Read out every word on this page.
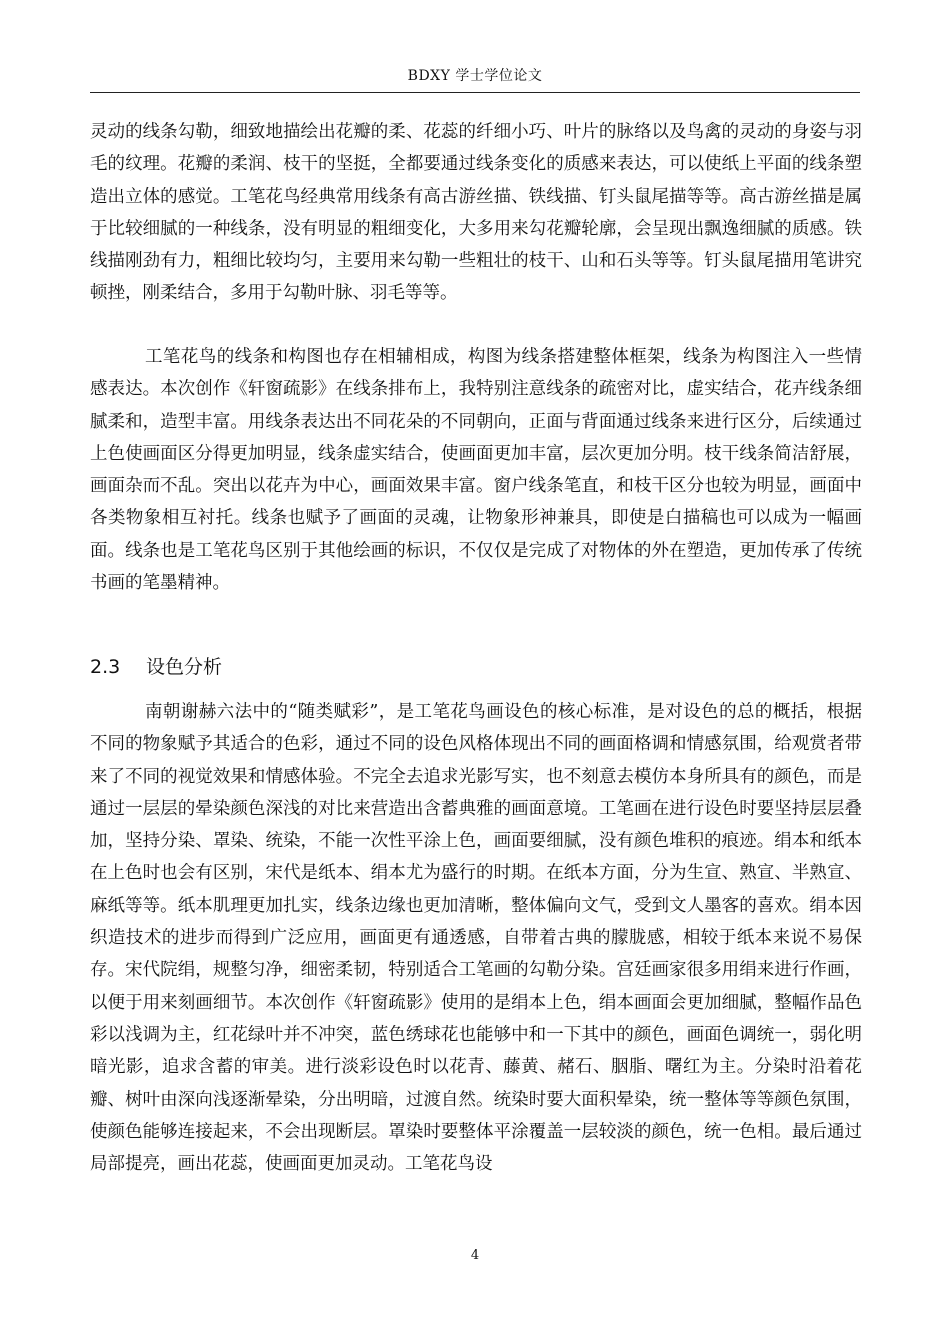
BDXY 学士学位论文

灵动的线条勾勒，细致地描绘出花瓣的柔、花蕊的纤细小巧、叶片的脉络以及鸟禽的灵动的身姿与羽毛的纹理。花瓣的柔润、枝干的坚挺，全都要通过线条变化的质感来表达，可以使纸上平面的线条塑造出立体的感觉。工笔花鸟经典常用线条有高古游丝描、铁线描、钉头鼠尾描等等。高古游丝描是属于比较细腻的一种线条，没有明显的粗细变化，大多用来勾花瓣轮廓，会呈现出飘逸细腻的质感。铁线描刚劲有力，粗细比较均匀，主要用来勾勒一些粗壮的枝干、山和石头等等。钉头鼠尾描用笔讲究顿挫，刚柔结合，多用于勾勒叶脉、羽毛等等。

工笔花鸟的线条和构图也存在相辅相成，构图为线条搭建整体框架，线条为构图注入一些情感表达。本次创作《轩窗疏影》在线条排布上，我特别注意线条的疏密对比，虚实结合，花卉线条细腻柔和，造型丰富。用线条表达出不同花朵的不同朝向，正面与背面通过线条来进行区分，后续通过上色使画面区分得更加明显，线条虚实结合，使画面更加丰富，层次更加分明。枝干线条简洁舒展，画面杂而不乱。突出以花卉为中心，画面效果丰富。窗户线条笔直，和枝干区分也较为明显，画面中各类物象相互衬托。线条也赋予了画面的灵魂，让物象形神兼具，即使是白描稿也可以成为一幅画面。线条也是工笔花鸟区别于其他绘画的标识，不仅仅是完成了对物体的外在塑造，更加传承了传统书画的笔墨精神。

2.3 设色分析

南朝谢赫六法中的“随类赋彩”，是工笔花鸟画设色的核心标准，是对设色的总的概括，根据不同的物象赋予其适合的色彩，通过不同的设色风格体现出不同的画面格调和情感氛围，给观赏者带来了不同的视觉效果和情感体验。不完全去追求光影写实，也不刻意去模仿本身所具有的颜色，而是通过一层层的晕染颜色深浅的对比来营造出含蓄典雅的画面意境。工笔画在进行设色时要坚持层层叠加，坚持分染、罩染、统染，不能一次性平涂上色，画面要细腻，没有颜色堆积的痕迹。绢本和纸本在上色时也会有区别，宋代是纸本、绢本尤为盛行的时期。在纸本方面，分为生宣、熟宣、半熟宣、麻纸等等。纸本肌理更加扎实，线条边缘也更加清晰，整体偏向文气，受到文人墨客的喜欢。绢本因织造技术的进步而得到广泛应用，画面更有通透感，自带着古典的朦胧感，相较于纸本来说不易保存。宋代院绢，规整匀净，细密柔韧，特别适合工笔画的勾勒分染。宫廷画家很多用绢来进行作画，以便于用来刻画细节。本次创作《轩窗疏影》使用的是绢本上色，绢本画面会更加细腻，整幅作品色彩以浅调为主，红花绿叶并不冲突，蓝色绣球花也能够中和一下其中的颜色，画面色调统一，弱化明暗光影，追求含蓄的审美。进行淡彩设色时以花青、藤黄、赭石、胭脂、曙红为主。分染时沿着花瓣、树叶由深向浅逐渐晕染，分出明暗，过渡自然。统染时要大面积晕染，统一整体等等颜色氛围，使颜色能够连接起来，不会出现断层。罩染时要整体平涂覆盖一层较淡的颜色，统一色相。最后通过局部提亮，画出花蕊，使画面更加灵动。工笔花鸟设

4
